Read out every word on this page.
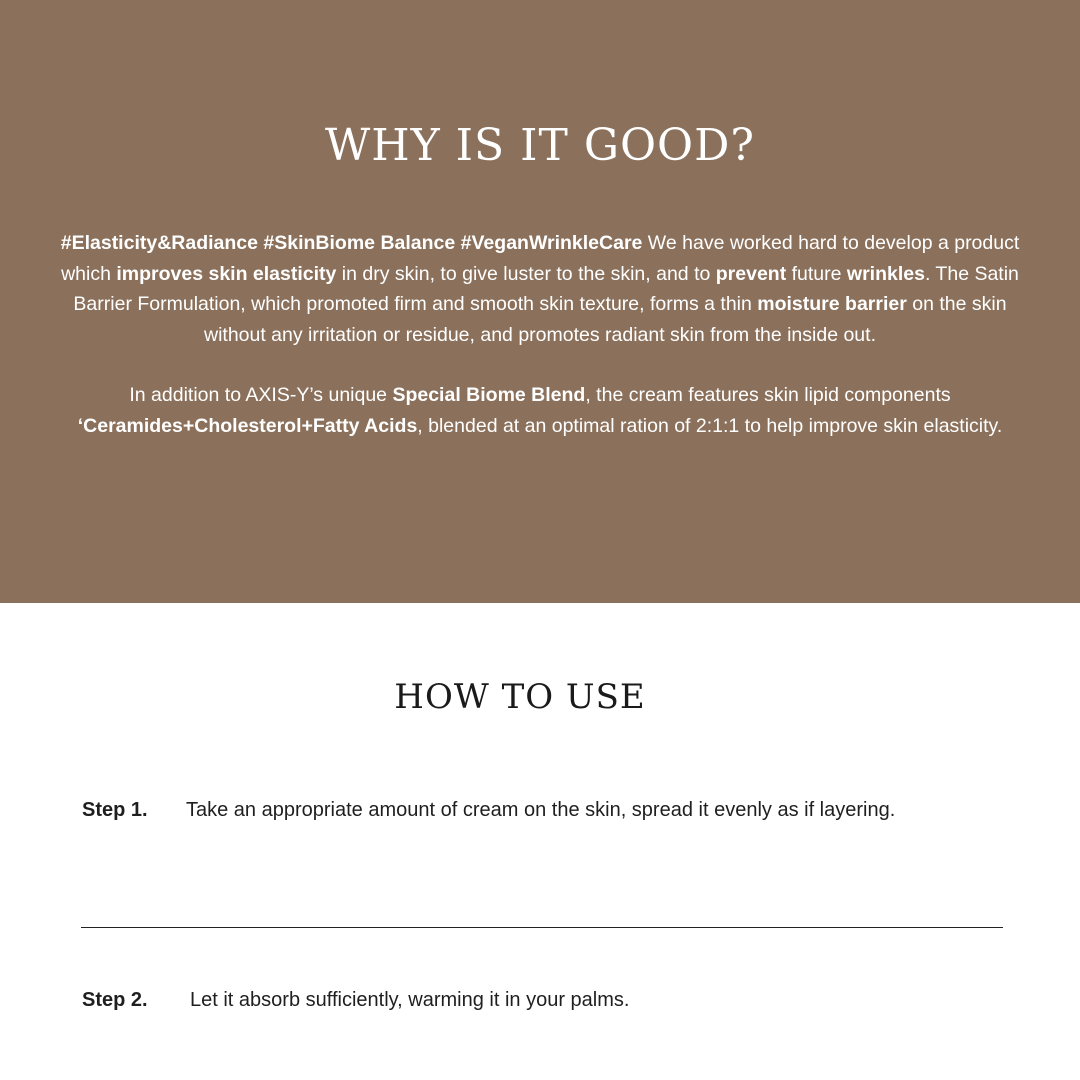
WHY IS IT GOOD?

#Elasticity&Radiance #SkinBiome Balance #VeganWrinkleCare We have worked hard to develop a product which improves skin elasticity in dry skin, to give luster to the skin, and to prevent future wrinkles. The Satin Barrier Formulation, which promoted firm and smooth skin texture, forms a thin moisture barrier on the skin without any irritation or residue, and promotes radiant skin from the inside out.

In addition to AXIS-Y’s unique Special Biome Blend, the cream features skin lipid components ‘Ceramides+Cholesterol+Fatty Acids, blended at an optimal ration of 2:1:1 to help improve skin elasticity.

HOW TO USE
Step 1. Take an appropriate amount of cream on the skin, spread it evenly as if layering.
Step 2. Let it absorb sufficiently, warming it in your palms.
